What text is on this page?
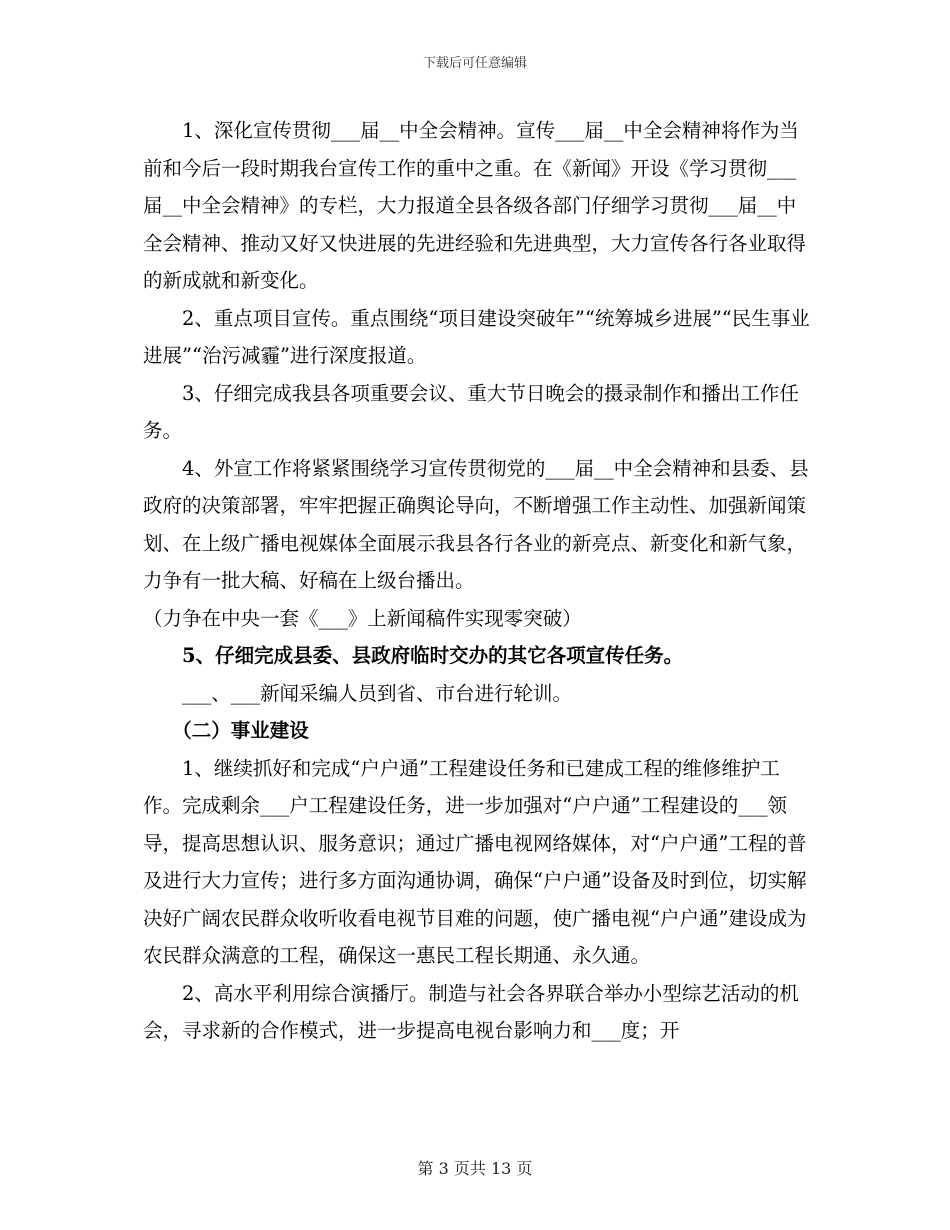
下载后可任意编辑

1、深化宣传贯彻___届__中全会精神。宣传___届__中全会精神将作为当前和今后一段时期我台宣传工作的重中之重。在《新闻》开设《学习贯彻___届__中全会精神》的专栏，大力报道全县各级各部门仔细学习贯彻___届__中全会精神、推动又好又快进展的先进经验和先进典型，大力宣传各行各业取得的新成就和新变化。

2、重点项目宣传。重点围绕“项目建设突破年”“统筹城乡进展”“民生事业进展”“治污减霾”进行深度报道。

3、仔细完成我县各项重要会议、重大节日晚会的摄录制作和播出工作任务。

4、外宣工作将紧紧围绕学习宣传贯彻党的___届__中全会精神和县委、县政府的决策部署，牢牢把握正确舆论导向，不断增强工作主动性、加强新闻策划、在上级广播电视媒体全面展示我县各行各业的新亮点、新变化和新气象，力争有一批大稿、好稿在上级台播出。

（力争在中央一套《___》上新闻稿件实现零突破）

5、仔细完成县委、县政府临时交办的其它各项宣传任务。

___、___新闻采编人员到省、市台进行轮训。

（二）事业建设

1、继续抓好和完成“户户通”工程建设任务和已建成工程的维修维护工作。完成剩余___户工程建设任务，进一步加强对“户户通”工程建设的___领导，提高思想认识、服务意识；通过广播电视网络媒体，对“户户通”工程的普及进行大力宣传；进行多方面沟通协调，确保“户户通”设备及时到位，切实解决好广阔农民群众收听收看电视节目难的问题，使广播电视“户户通”建设成为农民群众满意的工程，确保这一惠民工程长期通、永久通。

2、高水平利用综合演播厅。制造与社会各界联合举办小型综艺活动的机会，寻求新的合作模式，进一步提高电视台影响力和___度；开

第 3 页共 13 页
